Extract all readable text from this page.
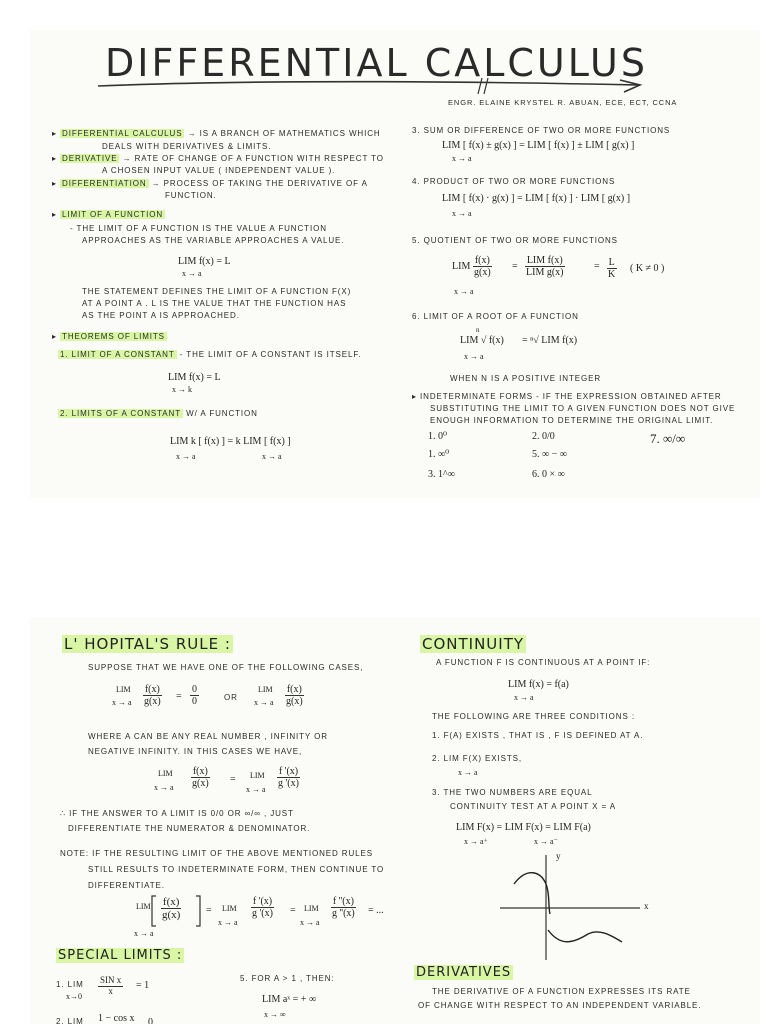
DIFFERENTIAL CALCULUS
ENGR. ELAINE KRYSTEL R. ABUAN, ECE, ECT, CCNA
▸ DIFFERENTIAL CALCULUS → IS A BRANCH OF MATHEMATICS WHICH
DEALS WITH DERIVATIVES & LIMITS.
▸ DERIVATIVE → RATE OF CHANGE OF A FUNCTION WITH RESPECT TO
A CHOSEN INPUT VALUE ( INDEPENDENT VALUE ).
▸ DIFFERENTIATION → PROCESS OF TAKING THE DERIVATIVE OF A
FUNCTION.
▸ LIMIT OF A FUNCTION
- THE LIMIT OF A FUNCTION IS THE VALUE A FUNCTION
APPROACHES AS THE VARIABLE APPROACHES A VALUE.
LIM f(x) = L
x → a
THE STATEMENT DEFINES THE LIMIT OF A FUNCTION F(X)
AT A POINT A . L IS THE VALUE THAT THE FUNCTION HAS
AS THE POINT A IS APPROACHED.
▸ THEOREMS OF LIMITS
1. LIMIT OF A CONSTANT - THE LIMIT OF A CONSTANT IS ITSELF.
LIM f(x) = L
x → k
2. LIMITS OF A CONSTANT W/ A FUNCTION
LIM k [ f(x) ] = k LIM [ f(x) ]
x → a	x → a
3. SUM OR DIFFERENCE OF TWO OR MORE FUNCTIONS
LIM [ f(x) ± g(x) ] = LIM [ f(x) ] ± LIM [ g(x) ]
x → a
4. PRODUCT OF TWO OR MORE FUNCTIONS
LIM [ f(x) · g(x) ] = LIM [ f(x) ] · LIM [ g(x) ]
x → a
5. QUOTIENT OF TWO OR MORE FUNCTIONS
LIM $\frac{f(x)}{g(x)}$ =
LIM f(x)
LIM g(x)
x → a
= $\frac{L}{K}$ ( K ≠ 0 )
6. LIMIT OF A ROOT OF A FUNCTION
n
LIM √ f(x) = ⁿ√ LIM f(x)
x → a
WHEN N IS A POSITIVE INTEGER
▸ INDETERMINATE FORMS - IF THE EXPRESSION OBTAINED AFTER
SUBSTITUTING THE LIMIT TO A GIVEN FUNCTION DOES NOT GIVE
ENOUGH INFORMATION TO DETERMINE THE ORIGINAL LIMIT.
1. 0⁰	2. 0/0	7. ∞/∞
1. ∞⁰	5. ∞ − ∞
3. 1^∞	6. 0 × ∞
L' HOPITAL'S RULE :
SUPPOSE THAT WE HAVE ONE OF THE FOLLOWING CASES,
LIM
x → a $\frac{f(x)}{g(x)} = \frac{0}{0}$	OR
LIM
x → a $\frac{f(x)}{g(x)}$
WHERE A CAN BE ANY REAL NUMBER , INFINITY OR
NEGATIVE INFINITY. IN THIS CASES WE HAVE,
LIM
x → a $\frac{f(x)}{g(x)}$ = LIM
x → a
$\frac{f '(x)}{g '(x)}$
∴ IF THE ANSWER TO A LIMIT IS 0/0 OR ∞/∞ , JUST
DIFFERENTIATE THE NUMERATOR & DENOMINATOR.
NOTE: IF THE RESULTING LIMIT OF THE ABOVE MENTIONED RULES
STILL RESULTS TO INDETERMINATE FORM, THEN CONTINUE TO
DIFFERENTIATE.
LIM
x → a
$\frac{f(x)}{g(x)}$ = LIM
x → a
$\frac{f '(x)}{g '(x)}$ = LIM
x → a
$\frac{f ''(x)}{g ''(x)}$ = ...
SPECIAL LIMITS :
1. LIM
x→0
SIN x
x = 1
2. LIM 1 − cos x 0
5. FOR A > 1 , THEN:
LIM aˣ = + ∞
x → ∞
CONTINUITY
A FUNCTION F IS CONTINUOUS AT A POINT IF:
LIM f(x) = f(a)
x → a
THE FOLLOWING ARE THREE CONDITIONS :
1. F(A) EXISTS , THAT IS , F IS DEFINED AT A.
2. LIM F(X) EXISTS,
x → a
3. THE TWO NUMBERS ARE EQUAL
CONTINUITY TEST AT A POINT X = A
LIM F(x) = LIM F(x) = LIM F(a)
x → a⁺	x → a⁻
y
x
DERIVATIVES
THE DERIVATIVE OF A FUNCTION EXPRESSES ITS RATE
OF CHANGE WITH RESPECT TO AN INDEPENDENT VARIABLE.
